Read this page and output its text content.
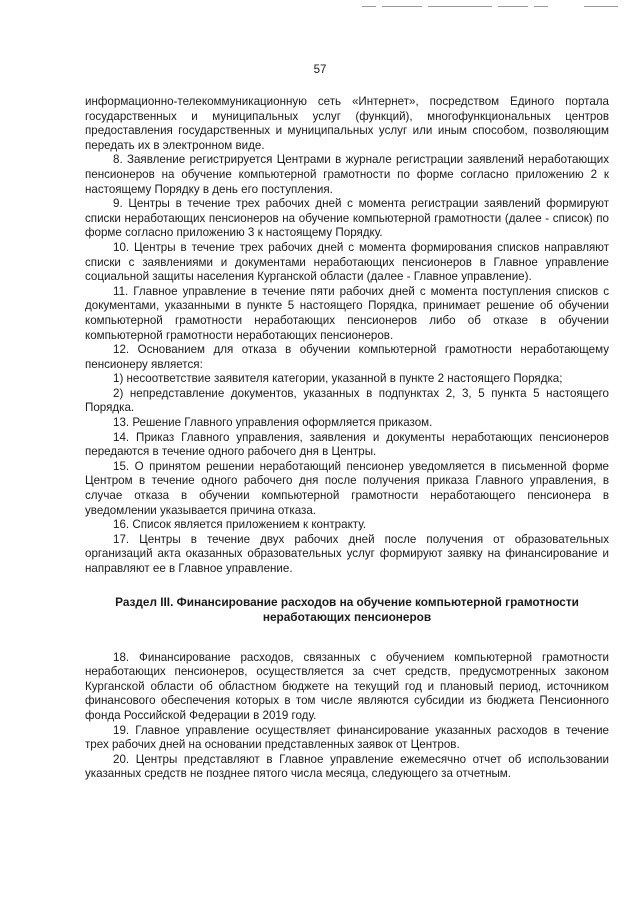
57

информационно-телекоммуникационную сеть «Интернет», посредством Единого портала государственных и муниципальных услуг (функций), многофункциональных центров предоставления государственных и муниципальных услуг или иным способом, позволяющим передать их в электронном виде.

8. Заявление регистрируется Центрами в журнале регистрации заявлений неработающих пенсионеров на обучение компьютерной грамотности по форме согласно приложению 2 к настоящему Порядку в день его поступления.

9. Центры в течение трех рабочих дней с момента регистрации заявлений формируют списки неработающих пенсионеров на обучение компьютерной грамотности (далее - список) по форме согласно приложению 3 к настоящему Порядку.

10. Центры в течение трех рабочих дней с момента формирования списков направляют списки с заявлениями и документами неработающих пенсионеров в Главное управление социальной защиты населения Курганской области (далее - Главное управление).

11. Главное управление в течение пяти рабочих дней с момента поступления списков с документами, указанными в пункте 5 настоящего Порядка, принимает решение об обучении компьютерной грамотности неработающих пенсионеров либо об отказе в обучении компьютерной грамотности неработающих пенсионеров.

12. Основанием для отказа в обучении компьютерной грамотности неработающему пенсионеру является:

1) несоответствие заявителя категории, указанной в пункте 2 настоящего Порядка;

2) непредставление документов, указанных в подпунктах 2, 3, 5 пункта 5 настоящего Порядка.

13. Решение Главного управления оформляется приказом.

14. Приказ Главного управления, заявления и документы неработающих пенсионеров передаются в течение одного рабочего дня в Центры.

15. О принятом решении неработающий пенсионер уведомляется в письменной форме Центром в течение одного рабочего дня после получения приказа Главного управления, в случае отказа в обучении компьютерной грамотности неработающего пенсионера в уведомлении указывается причина отказа.

16. Список является приложением к контракту.

17. Центры в течение двух рабочих дней после получения от образовательных организаций акта оказанных образовательных услуг формируют заявку на финансирование и направляют ее в Главное управление.

Раздел III. Финансирование расходов на обучение компьютерной грамотности неработающих пенсионеров

18. Финансирование расходов, связанных с обучением компьютерной грамотности неработающих пенсионеров, осуществляется за счет средств, предусмотренных законом Курганской области об областном бюджете на текущий год и плановый период, источником финансового обеспечения которых в том числе являются субсидии из бюджета Пенсионного фонда Российской Федерации в 2019 году.

19. Главное управление осуществляет финансирование указанных расходов в течение трех рабочих дней на основании представленных заявок от Центров.

20. Центры представляют в Главное управление ежемесячно отчет об использовании указанных средств не позднее пятого числа месяца, следующего за отчетным.
